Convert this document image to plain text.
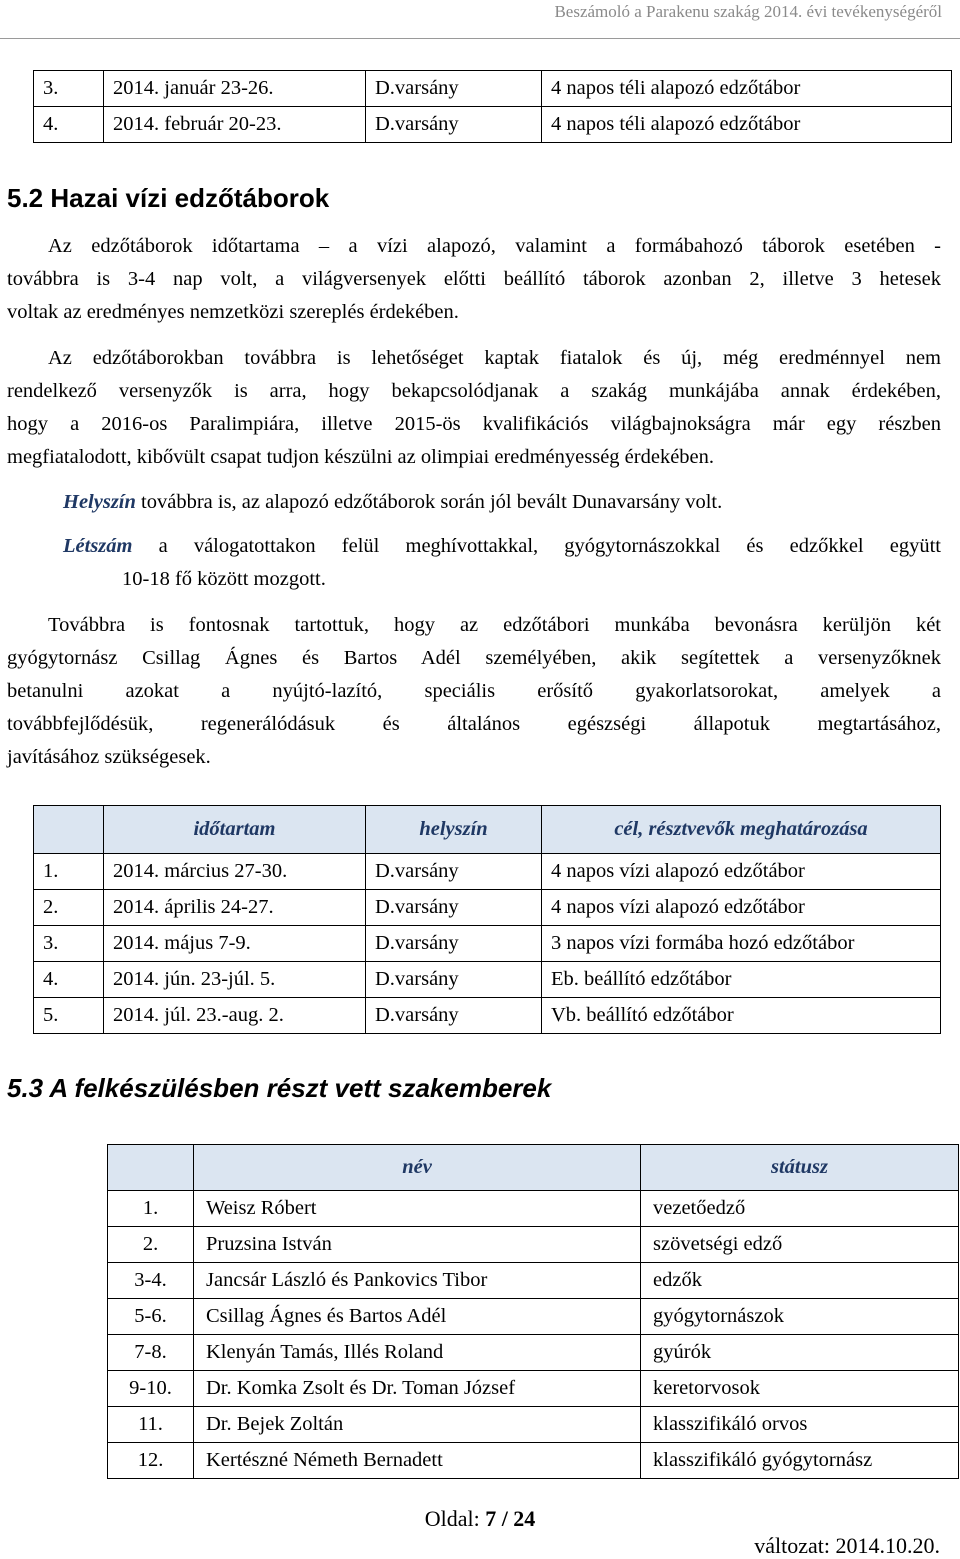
Beszámoló a Parakenu szakág 2014. évi tevékenységéről
3.	2014. január 23-26.	D.varsány	4 napos téli alapozó edzőtábor
4.	2014. február 20-23.	D.varsány	4 napos téli alapozó edzőtábor
5.2 Hazai vízi edzőtáborok
Az edzőtáborok időtartama – a vízi alapozó, valamint a formábahozó táborok esetében -
továbbra is 3-4 nap volt, a világversenyek előtti beállító táborok azonban 2, illetve 3 hetesek
voltak az eredményes nemzetközi szereplés érdekében.
Az edzőtáborokban továbbra is lehetőséget kaptak fiatalok és új, még eredménnyel nem
rendelkező versenyzők is arra, hogy bekapcsolódjanak a szakág munkájába annak érdekében,
hogy a 2016-os Paralimpiára, illetve 2015-ös kvalifikációs világbajnokságra már egy részben
megfiatalodott, kibővült csapat tudjon készülni az olimpiai eredményesség érdekében.
Helyszín továbbra is, az alapozó edzőtáborok során jól bevált Dunavarsány volt.
Létszám a válogatottakon felül meghívottakkal, gyógytornászokkal és edzőkkel együtt
10-18 fő között mozgott.
Továbbra is fontosnak tartottuk, hogy az edzőtábori munkába bevonásra kerüljön két
gyógytornász Csillag Ágnes és Bartos Adél személyében, akik segítettek a versenyzőknek
betanulni azokat a nyújtó-lazító, speciális erősítő gyakorlatsorokat, amelyek a
továbbfejlődésük, regenerálódásuk és általános egészségi állapotuk megtartásához,
javításához szükségesek.
	időtartam	helyszín	cél, résztvevők meghatározása
1.	2014. március 27-30.	D.varsány	4 napos vízi alapozó edzőtábor
2.	2014. április 24-27.	D.varsány	4 napos vízi alapozó edzőtábor
3.	2014. május 7-9.	D.varsány	3 napos vízi formába hozó edzőtábor
4.	2014. jún. 23-júl. 5.	D.varsány	Eb. beállító edzőtábor
5.	2014. júl. 23.-aug. 2.	D.varsány	Vb. beállító edzőtábor
5.3 A felkészülésben részt vett szakemberek
	név	státusz
1.	Weisz Róbert	vezetőedző
2.	Pruzsina István	szövetségi edző
3-4.	Jancsár László és Pankovics Tibor	edzők
5-6.	Csillag Ágnes és Bartos Adél	gyógytornászok
7-8.	Klenyán Tamás, Illés Roland	gyúrók
9-10.	Dr. Komka Zsolt és Dr. Toman József	keretorvosok
11.	Dr. Bejek Zoltán	klasszifikáló orvos
12.	Kertészné Németh Bernadett	klasszifikáló gyógytornász
Oldal: 7 / 24
változat: 2014.10.20.
